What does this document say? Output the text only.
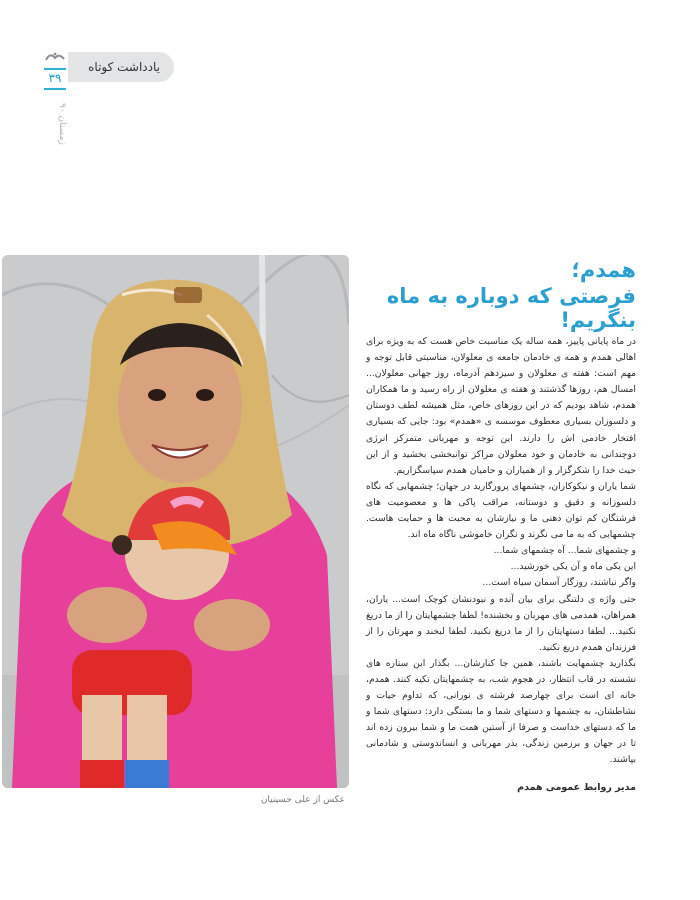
یادداشت کوتاه
۳۹
زمستان ۹۰
عکس از علی حسینیان
همدم؛
فرصتی که دوباره به ماه بنگریم!

در ماه پایانی پاییز، همه ساله یک مناسبت خاص هست که به ویژه برای اهالی همدم و همه ی خادمان جامعه ی معلولان، مناسبتی قابل توجه و مهم است: هفته ی معلولان و سیزدهم آذرماه، روز جهانی معلولان... امسال هم، روزها گذشتند و هفته ی معلولان از راه رسید و ما همکاران همدم، شاهد بودیم که در این روزهای خاص، مثل همیشه لطف دوستان و دلسوزان بسیاری معطوف موسسه ی «همدم» بود: جایی که بسیاری افتخار خادمی اش را دارند. این توجه و مهربانی متمرکز انرژی دوچندانی به خادمان و خود معلولان مراکز توانبخشی بخشید و از این حیث خدا را شکرگزار و از همیاران و حامیان همدم سپاسگزاریم.

شما یاران و نیکوکاران، چشمهای پرورگارید در جهان؛ چشمهایی که نگاه دلسوزانه و دقیق و دوستانه، مراقب پاکی ها و معصومیت های فرشتگان کم توان ذهنی ما و نیازشان به محبت ها و حمایت هاست. چشمهایی که به ما می نگرند و نگران خاموشی ناگاه ماه اند.

و چشمهای شما... آه چشمهای شما...

این یکی ماه و آن یکی خورشید...

واگر نباشند، روزگار آسمان سیاه است...

حتی واژه ی دلتنگی برای بیان آنده و نبودنشان کوچک است... یاران، همراهان، همدمی های مهربان و بخشنده! لطفا چشمهایتان را از ما دریغ نکنید... لطفا دستهایتان را از ما دریغ نکنید. لطفا لبخند و مهرتان را از فرزندان همدم دریغ نکنید.

بگذارید چشمهایت باشند، همین جا کنارشان... بگذار این ستاره های نشسته در قاب انتظار، در هجوم شب، به چشمهایتان تکیه کنند. همدم، خانه ای است برای چهارصد فرشته ی نورانی، که تداوم حیات و نشاطشان، به چشمها و دستهای شما و ما بستگی دارد: دستهای شما و ما که دستهای خداست و صرفا از آستین همت ما و شما بیرون زده اند تا در جهان و برزمین زندگی، بذر مهربانی و انساندوستی و شادمانی بپاشند.

مدیر روابط عمومی همدم
